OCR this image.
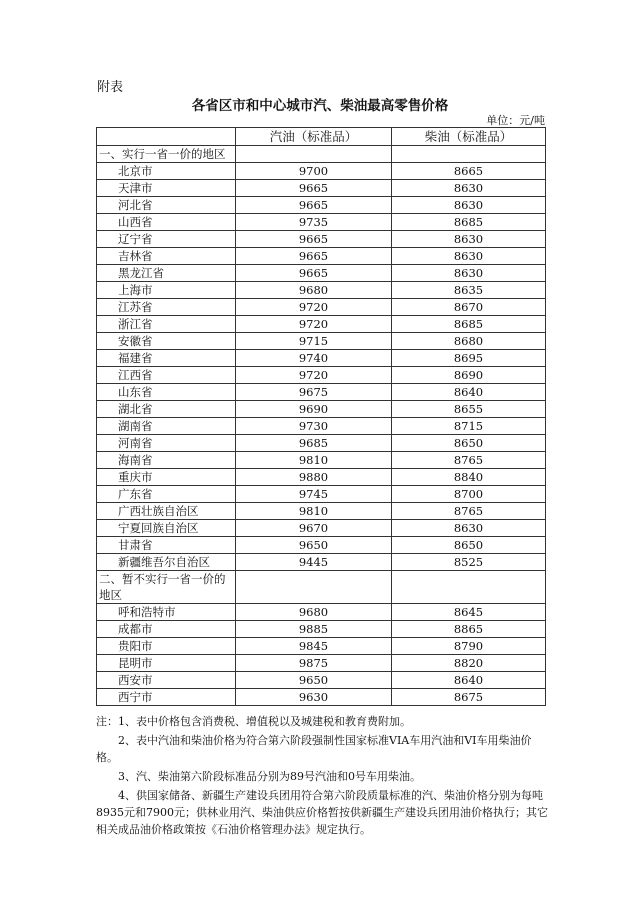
附表
各省区市和中心城市汽、柴油最高零售价格
单位：元/吨
	汽油（标准品）	柴油（标准品）
一、实行一省一价的地区		
北京市	9700	8665
天津市	9665	8630
河北省	9665	8630
山西省	9735	8685
辽宁省	9665	8630
吉林省	9665	8630
黑龙江省	9665	8630
上海市	9680	8635
江苏省	9720	8670
浙江省	9720	8685
安徽省	9715	8680
福建省	9740	8695
江西省	9720	8690
山东省	9675	8640
湖北省	9690	8655
湖南省	9730	8715
河南省	9685	8650
海南省	9810	8765
重庆市	9880	8840
广东省	9745	8700
广西壮族自治区	9810	8765
宁夏回族自治区	9670	8630
甘肃省	9650	8650
新疆维吾尔自治区	9445	8525
二、暂不实行一省一价的地区		
呼和浩特市	9680	8645
成都市	9885	8865
贵阳市	9845	8790
昆明市	9875	8820
西安市	9650	8640
西宁市	9630	8675

注：1、表中价格包含消费税、增值税以及城建税和教育费附加。

2、表中汽油和柴油价格为符合第六阶段强制性国家标准VIA车用汽油和VI车用柴油价格。

3、汽、柴油第六阶段标准品分别为89号汽油和0号车用柴油。

4、供国家储备、新疆生产建设兵团用符合第六阶段质量标准的汽、柴油价格分别为每吨8935元和7900元；供林业用汽、柴油供应价格暂按供新疆生产建设兵团用油价格执行；其它相关成品油价格政策按《石油价格管理办法》规定执行。
